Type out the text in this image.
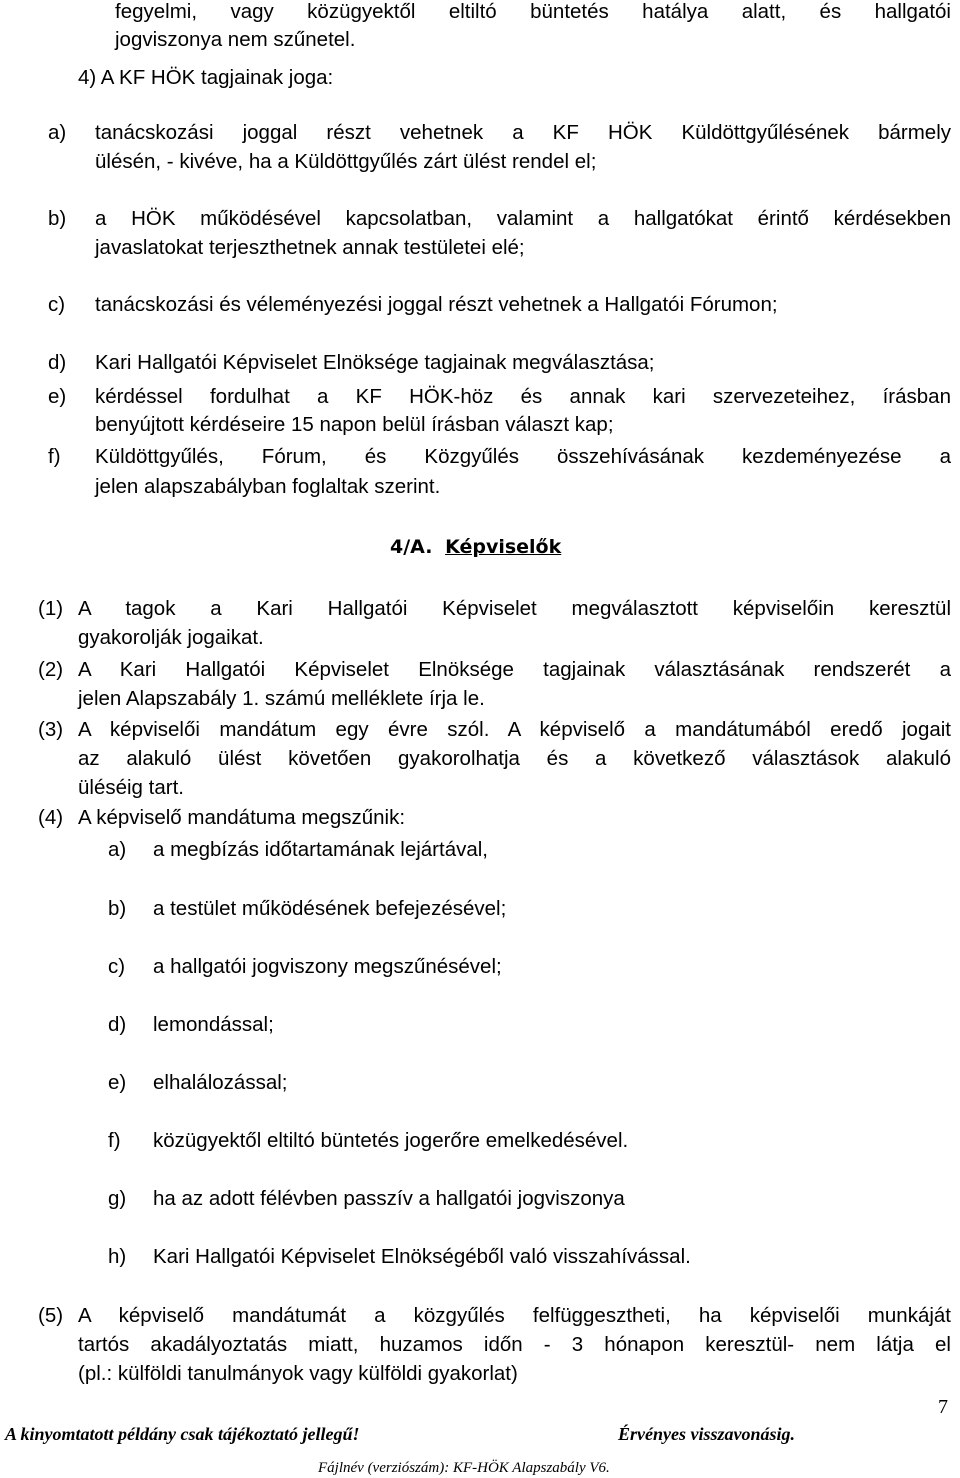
fegyelmi, vagy közügyektől eltiltó büntetés hatálya alatt, és hallgatói
jogviszonya nem szűnetel.
4) A KF HÖK tagjainak joga:
a) tanácskozási joggal részt vehetnek a KF HÖK Küldöttgyűlésének bármely
ülésén, - kivéve, ha a Küldöttgyűlés zárt ülést rendel el;
b) a HÖK működésével kapcsolatban, valamint a hallgatókat érintő kérdésekben
javaslatokat terjeszthetnek annak testületei elé;
c) tanácskozási és véleményezési joggal részt vehetnek a Hallgatói Fórumon;
d) Kari Hallgatói Képviselet Elnöksége tagjainak megválasztása;
e) kérdéssel fordulhat a KF HÖK-höz és annak kari szervezeteihez, írásban
benyújtott kérdéseire 15 napon belül írásban választ kap;
f) Küldöttgyűlés, Fórum, és Közgyűlés összehívásának kezdeményezése a
jelen alapszabályban foglaltak szerint.
4/A. Képviselők
(1) A tagok a Kari Hallgatói Képviselet megválasztott képviselőin keresztül
gyakorolják jogaikat.
(2) A Kari Hallgatói Képviselet Elnöksége tagjainak választásának rendszerét a
jelen Alapszabály 1. számú melléklete írja le.
(3) A képviselői mandátum egy évre szól. A képviselő a mandátumából eredő jogait
az alakuló ülést követően gyakorolhatja és a következő választások alakuló
üléséig tart.
(4) A képviselő mandátuma megszűnik:
a) a megbízás időtartamának lejártával,
b) a testület működésének befejezésével;
c) a hallgatói jogviszony megszűnésével;
d) lemondással;
e) elhalálozással;
f) közügyektől eltiltó büntetés jogerőre emelkedésével.
g) ha az adott félévben passzív a hallgatói jogviszonya
h) Kari Hallgatói Képviselet Elnökségéből való visszahívással.
(5) A képviselő mandátumát a közgyűlés felfüggesztheti, ha képviselői munkáját
tartós akadályoztatás miatt, huzamos időn - 3 hónapon keresztül- nem látja el
(pl.: külföldi tanulmányok vagy külföldi gyakorlat)
7
A kinyomtatott példány csak tájékoztató jellegű!	Érvényes visszavonásig.
Fájlnév (verziószám): KF-HÖK Alapszabály V6.
